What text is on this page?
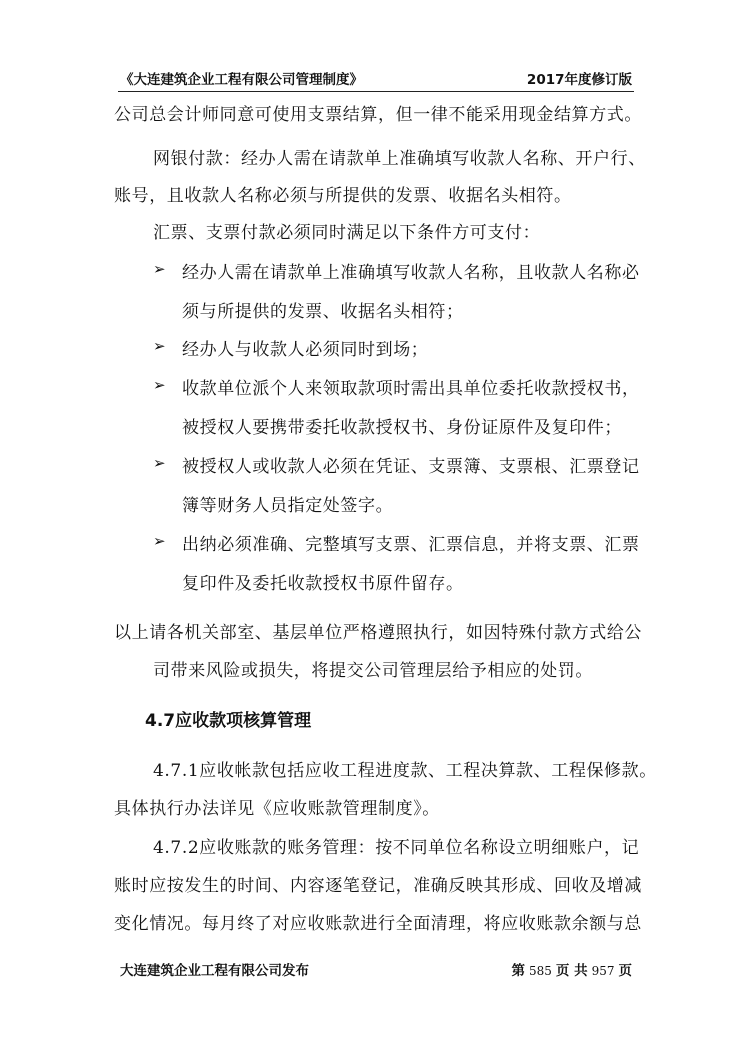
《大连建筑企业工程有限公司管理制度》	2017年度修订版
公司总会计师同意可使用支票结算，但一律不能采用现金结算方式。
网银付款：经办人需在请款单上准确填写收款人名称、开户行、
账号，且收款人名称必须与所提供的发票、收据名头相符。
汇票、支票付款必须同时满足以下条件方可支付：
➢ 经办人需在请款单上准确填写收款人名称，且收款人名称必
须与所提供的发票、收据名头相符；
➢ 经办人与收款人必须同时到场；
➢ 收款单位派个人来领取款项时需出具单位委托收款授权书，
被授权人要携带委托收款授权书、身份证原件及复印件；
➢ 被授权人或收款人必须在凭证、支票簿、支票根、汇票登记
簿等财务人员指定处签字。
➢ 出纳必须准确、完整填写支票、汇票信息，并将支票、汇票
复印件及委托收款授权书原件留存。
以上请各机关部室、基层单位严格遵照执行，如因特殊付款方式给公
司带来风险或损失，将提交公司管理层给予相应的处罚。
4.7应收款项核算管理
4.7.1应收帐款包括应收工程进度款、工程决算款、工程保修款。
具体执行办法详见《应收账款管理制度》。
4.7.2应收账款的账务管理：按不同单位名称设立明细账户，记
账时应按发生的时间、内容逐笔登记，准确反映其形成、回收及增减
变化情况。每月终了对应收账款进行全面清理，将应收账款余额与总
大连建筑企业工程有限公司发布	第 585 页 共 957 页
